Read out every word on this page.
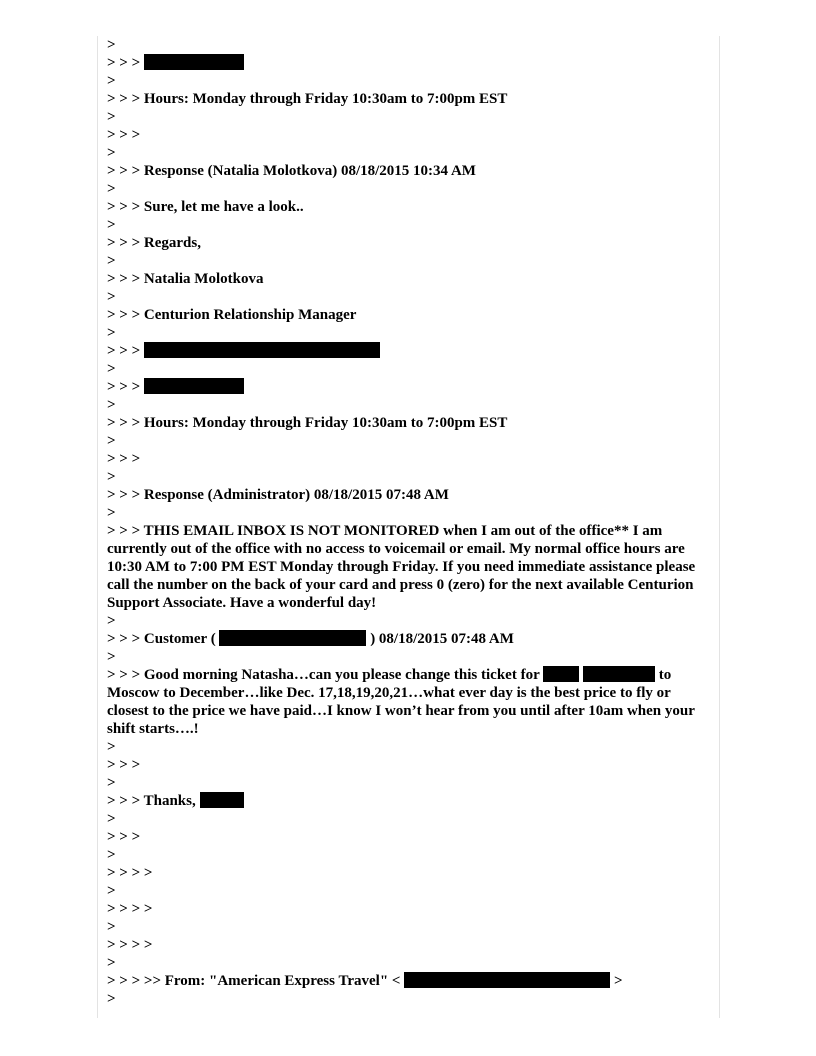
>
> > >
>
> > > Hours: Monday through Friday 10:30am to 7:00pm EST
>
> > >
>
> > > Response (Natalia Molotkova) 08/18/2015 10:34 AM
>
> > > Sure, let me have a look..
>
> > > Regards,
>
> > > Natalia Molotkova
>
> > > Centurion Relationship Manager
>
> > >
>
> > >
>
> > > Hours: Monday through Friday 10:30am to 7:00pm EST
>
> > >
>
> > > Response (Administrator) 08/18/2015 07:48 AM
>
> > > THIS EMAIL INBOX IS NOT MONITORED when I am out of the office** I am currently out of the office with no access to voicemail or email. My normal office hours are 10:30 AM to 7:00 PM EST Monday through Friday. If you need immediate assistance please call the number on the back of your card and press 0 (zero) for the next available Centurion Support Associate. Have a wonderful day!
>
> > > Customer (	) 08/18/2015 07:48 AM
>
> > > Good morning Natasha…can you please change this ticket for	to Moscow to December…like Dec. 17,18,19,20,21…what ever day is the best price to fly or closest to the price we have paid…I know I won’t hear from you until after 10am when your shift starts….!
>
> > >
>
> > > Thanks,
>
> > >
>
> > > >
>
> > > >
>
> > > >
>
> > > >> From: "American Express Travel" <	>
>
